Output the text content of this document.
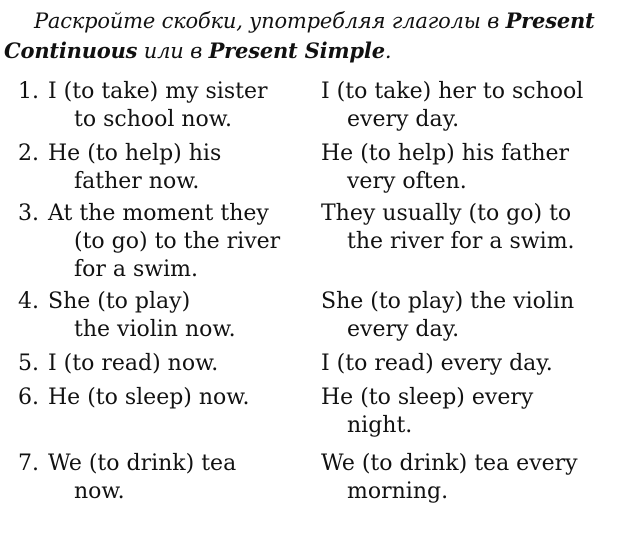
Раскройте скобки, употребляя глаголы в Present
Continuous или в Present Simple.
1. I (to take) my sister
to school now.
I (to take) her to school
every day.
2. He (to help) his
father now.
He (to help) his father
very often.
3. At the moment they
(to go) to the river
for a swim.
They usually (to go) to
the river for a swim.
4. She (to play)
the violin now.
She (to play) the violin
every day.
5. I (to read) now.	I (to read) every day.
6. He (to sleep) now.	He (to sleep) every
night.
7. We (to drink) tea
now.
We (to drink) tea every
morning.
